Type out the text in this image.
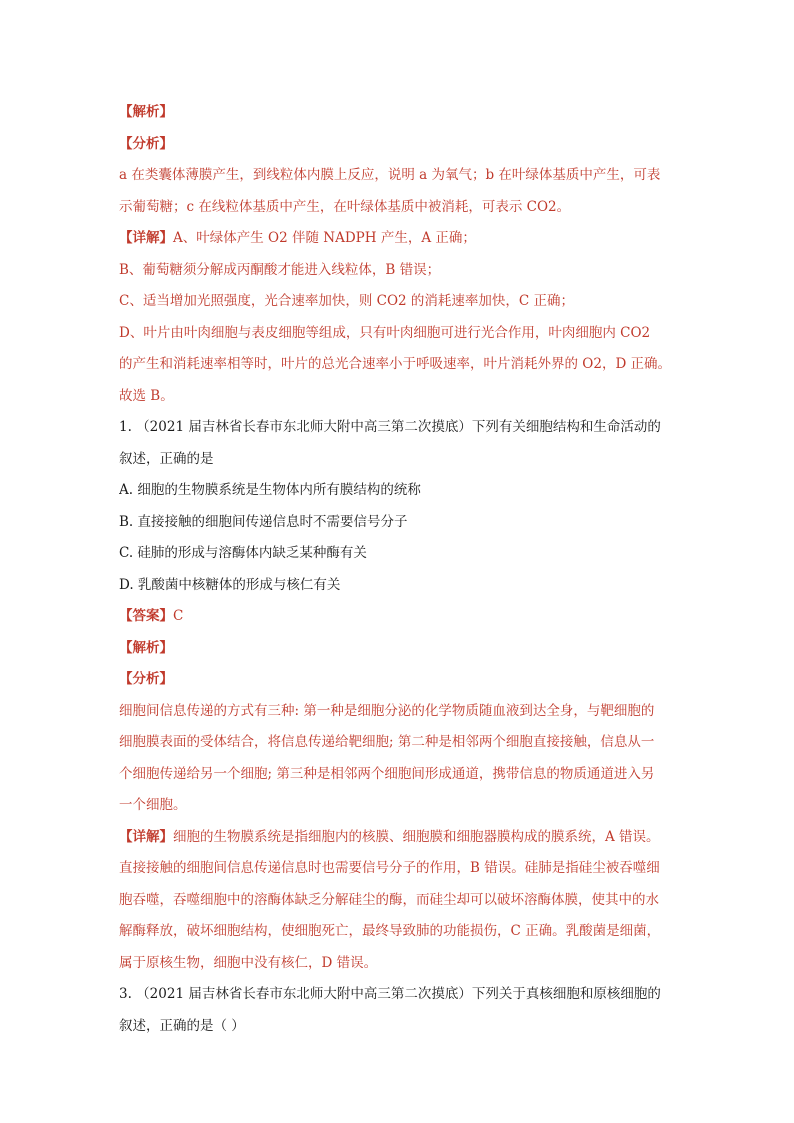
【解析】
【分析】
a 在类囊体薄膜产生，到线粒体内膜上反应，说明 a 为氧气；b 在叶绿体基质中产生，可表
示葡萄糖；c 在线粒体基质中产生，在叶绿体基质中被消耗，可表示 CO2。
【详解】A、叶绿体产生 O2 伴随 NADPH 产生，A 正确；
B、葡萄糖须分解成丙酮酸才能进入线粒体，B 错误；
C、适当增加光照强度，光合速率加快，则 CO2 的消耗速率加快，C 正确；
D、叶片由叶肉细胞与表皮细胞等组成，只有叶肉细胞可进行光合作用，叶肉细胞内 CO2
的产生和消耗速率相等时，叶片的总光合速率小于呼吸速率，叶片消耗外界的 O2，D 正确。
故选 B。
1. （2021 届吉林省长春市东北师大附中高三第二次摸底）下列有关细胞结构和生命活动的
叙述，正确的是
A. 细胞的生物膜系统是生物体内所有膜结构的统称
B. 直接接触的细胞间传递信息时不需要信号分子
C. 硅肺的形成与溶酶体内缺乏某种酶有关
D. 乳酸菌中核糖体的形成与核仁有关
【答案】C
【解析】
【分析】
细胞间信息传递的方式有三种: 第一种是细胞分泌的化学物质随血液到达全身，与靶细胞的
细胞膜表面的受体结合，将信息传递给靶细胞; 第二种是相邻两个细胞直接接触，信息从一
个细胞传递给另一个细胞; 第三种是相邻两个细胞间形成通道，携带信息的物质通道进入另
一个细胞。
【详解】细胞的生物膜系统是指细胞内的核膜、细胞膜和细胞器膜构成的膜系统，A 错误。
直接接触的细胞间信息传递信息时也需要信号分子的作用，B 错误。硅肺是指硅尘被吞噬细
胞吞噬，吞噬细胞中的溶酶体缺乏分解硅尘的酶，而硅尘却可以破坏溶酶体膜，使其中的水
解酶释放，破坏细胞结构，使细胞死亡，最终导致肺的功能损伤，C 正确。乳酸菌是细菌，
属于原核生物，细胞中没有核仁，D 错误。
3. （2021 届吉林省长春市东北师大附中高三第二次摸底）下列关于真核细胞和原核细胞的
叙述，正确的是（ ）
